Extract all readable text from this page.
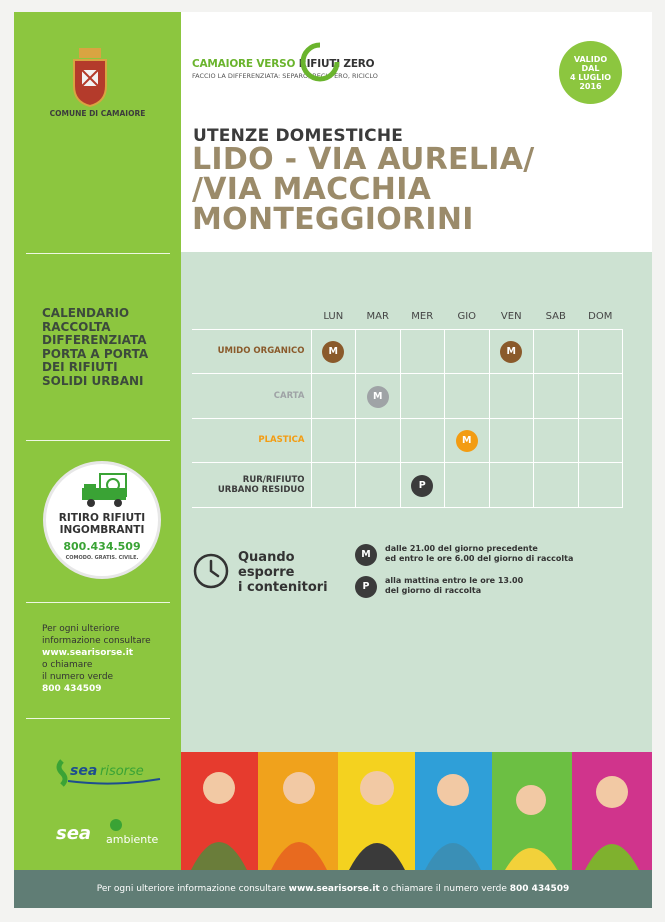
COMUNE DI CAMAIORE
CALENDARIO
RACCOLTA
DIFFERENZIATA
PORTA A PORTA
DEI RIFIUTI
SOLIDI URBANI
RITIRO RIFIUTI
INGOMBRANTI
800.434.509
COMODO. GRATIS. CIVILE.
Per ogni ulteriore
informazione consultare
www.searisorse.it
o chiamare
il numero verde
800 434509
sea risorse
sea ambiente
CAMAIORE VERSO RIFIUTI ZERO
FACCIO LA DIFFERENZIATA: SEPARO, RECUPERO, RICICLO
VALIDO
DAL
4 LUGLIO
2016
UTENZE DOMESTICHE
LIDO - VIA AURELIA/
/VIA MACCHIA
MONTEGGIORINI
	LUN	MAR	MER	GIO	VEN	SAB	DOM

UMIDO ORGANICO	M				M		

CARTA		M					

PLASTICA				M			

RUR/RIFIUTO
URBANO RESIDUO			P				
Quando
esporre
i contenitori
M
dalle 21.00 del giorno precedente
ed entro le ore 6.00 del giorno di raccolta
P
alla mattina entro le ore 13.00
del giorno di raccolta
Per ogni ulteriore informazione consultare www.searisorse.it o chiamare il numero verde 800 434509
